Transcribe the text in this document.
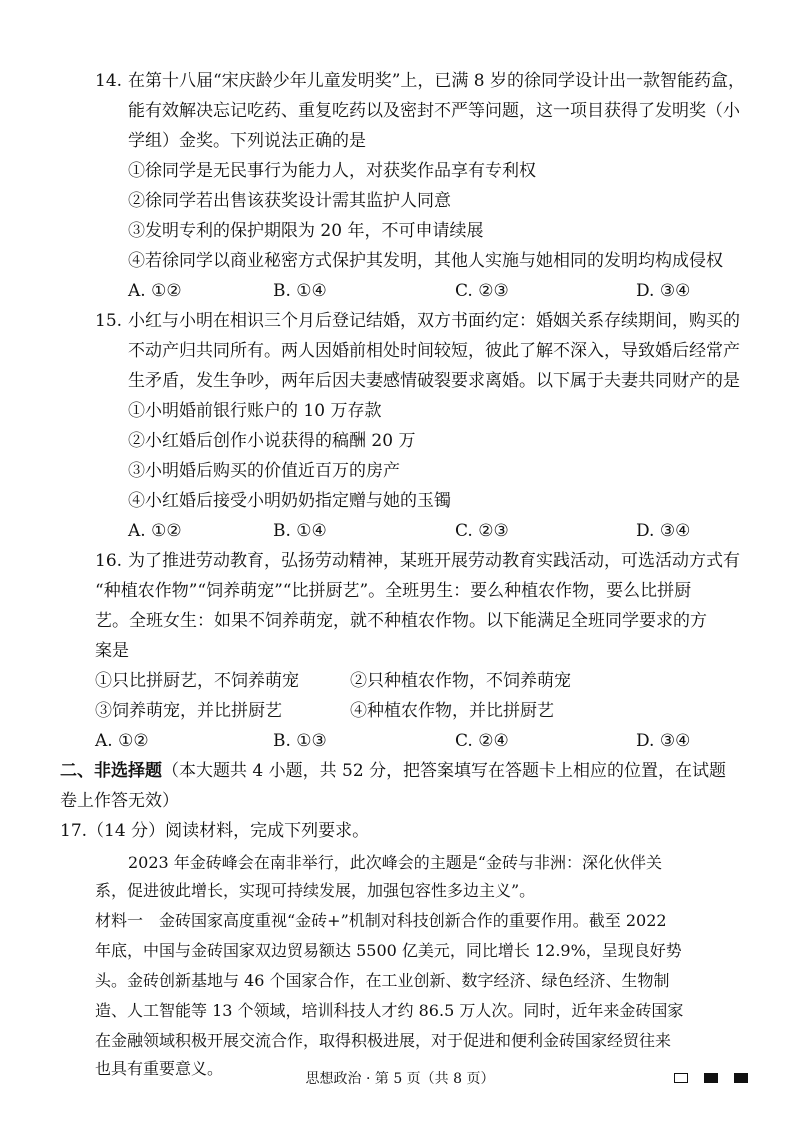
14. 在第十八届“宋庆龄少年儿童发明奖”上，已满 8 岁的徐同学设计出一款智能药盒，
能有效解决忘记吃药、重复吃药以及密封不严等问题，这一项目获得了发明奖（小
学组）金奖。下列说法正确的是
①徐同学是无民事行为能力人，对获奖作品享有专利权
②徐同学若出售该获奖设计需其监护人同意
③发明专利的保护期限为 20 年，不可申请续展
④若徐同学以商业秘密方式保护其发明，其他人实施与她相同的发明均构成侵权
A. ①②	B. ①④	C. ②③	D. ③④
15. 小红与小明在相识三个月后登记结婚，双方书面约定：婚姻关系存续期间，购买的
不动产归共同所有。两人因婚前相处时间较短，彼此了解不深入，导致婚后经常产
生矛盾，发生争吵，两年后因夫妻感情破裂要求离婚。以下属于夫妻共同财产的是
①小明婚前银行账户的 10 万存款
②小红婚后创作小说获得的稿酬 20 万
③小明婚后购买的价值近百万的房产
④小红婚后接受小明奶奶指定赠与她的玉镯
A. ①②	B. ①④	C. ②③	D. ③④
16. 为了推进劳动教育，弘扬劳动精神，某班开展劳动教育实践活动，可选活动方式有
“种植农作物”“饲养萌宠”“比拼厨艺”。全班男生：要么种植农作物，要么比拼厨
艺。全班女生：如果不饲养萌宠，就不种植农作物。以下能满足全班同学要求的方
案是
①只比拼厨艺，不饲养萌宠	②只种植农作物，不饲养萌宠
③饲养萌宠，并比拼厨艺	④种植农作物，并比拼厨艺
A. ①②	B. ①③	C. ②④	D. ③④
二、非选择题（本大题共 4 小题，共 52 分，把答案填写在答题卡上相应的位置，在试题
卷上作答无效）
17.（14 分）阅读材料，完成下列要求。
2023 年金砖峰会在南非举行，此次峰会的主题是“金砖与非洲：深化伙伴关
系，促进彼此增长，实现可持续发展，加强包容性多边主义”。
材料一　金砖国家高度重视“金砖+”机制对科技创新合作的重要作用。截至 2022
年底，中国与金砖国家双边贸易额达 5500 亿美元，同比增长 12.9%，呈现良好势
头。金砖创新基地与 46 个国家合作，在工业创新、数字经济、绿色经济、生物制
造、人工智能等 13 个领域，培训科技人才约 86.5 万人次。同时，近年来金砖国家
在金融领域积极开展交流合作，取得积极进展，对于促进和便利金砖国家经贸往来
也具有重要意义。
思想政治 · 第 5 页（共 8 页）
